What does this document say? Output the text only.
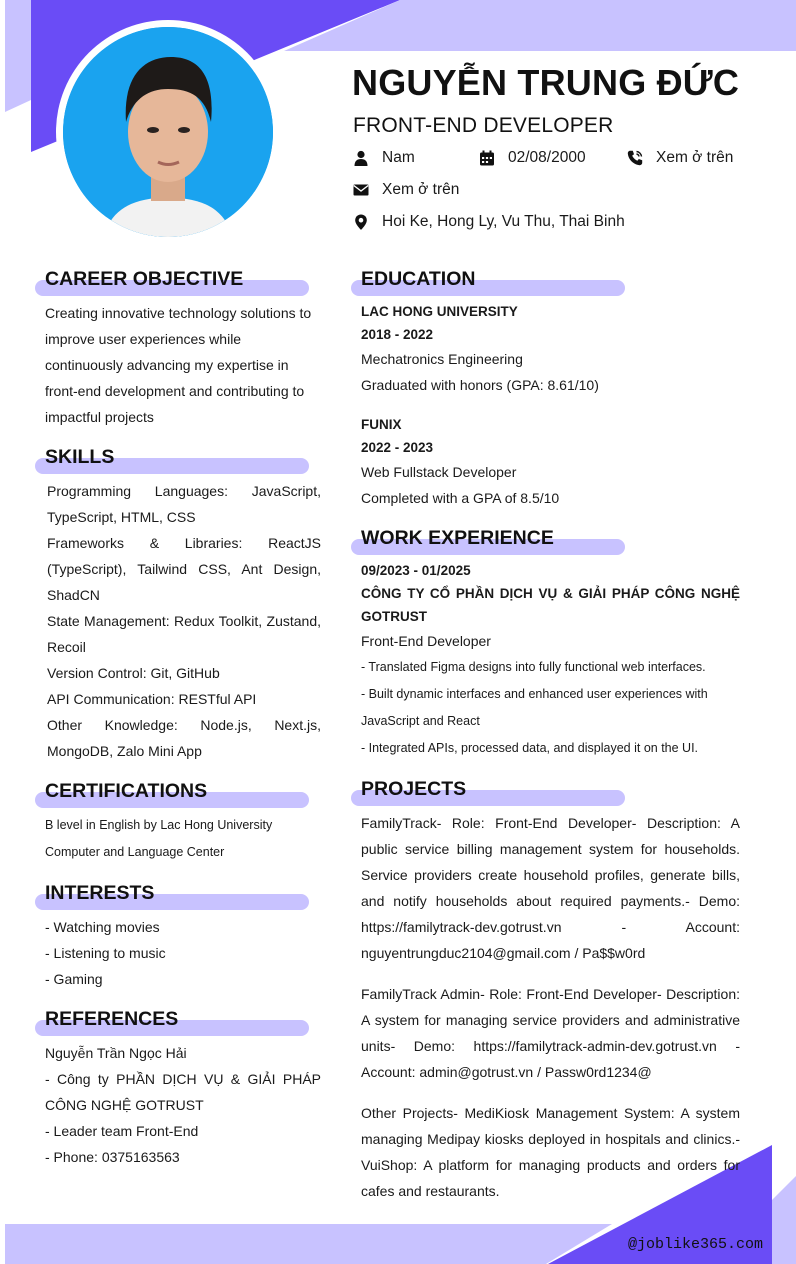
NGUYỄN TRUNG ĐỨC
FRONT-END DEVELOPER
Nam	02/08/2000	Xem ở trên
Xem ở trên
Hoi Ke, Hong Ly, Vu Thu, Thai Binh
CAREER OBJECTIVE
Creating innovative technology solutions to
improve user experiences while
continuously advancing my expertise in
front-end development and contributing to
impactful projects
SKILLS
Programming Languages: JavaScript, TypeScript, HTML, CSS
Frameworks & Libraries: ReactJS (TypeScript), Tailwind CSS, Ant Design, ShadCN
State Management: Redux Toolkit, Zustand, Recoil
Version Control: Git, GitHub
API Communication: RESTful API
Other Knowledge: Node.js, Next.js, MongoDB, Zalo Mini App
CERTIFICATIONS
B level in English by Lac Hong University
Computer and Language Center
INTERESTS
- Watching movies
- Listening to music
- Gaming
REFERENCES
Nguyễn Trần Ngọc Hải
- Công ty PHẦN DỊCH VỤ & GIẢI PHÁP CÔNG NGHỆ GOTRUST
- Leader team Front-End
- Phone: 0375163563
EDUCATION
LAC HONG UNIVERSITY
2018 - 2022
Mechatronics Engineering
Graduated with honors (GPA: 8.61/10)
FUNIX
2022 - 2023
Web Fullstack Developer
Completed with a GPA of 8.5/10
WORK EXPERIENCE
09/2023 - 01/2025
CÔNG TY CỔ PHẦN DỊCH VỤ & GIẢI PHÁP CÔNG NGHỆ GOTRUST
Front-End Developer
- Translated Figma designs into fully functional web interfaces.
- Built dynamic interfaces and enhanced user experiences with JavaScript and React
- Integrated APIs, processed data, and displayed it on the UI.
PROJECTS
FamilyTrack- Role: Front-End Developer- Description: A public service billing management system for households. Service providers create household profiles, generate bills, and notify households about required payments.- Demo: https://familytrack-dev.gotrust.vn - Account: nguyentrungduc2104@gmail.com / Pa$$w0rd
FamilyTrack Admin- Role: Front-End Developer- Description: A system for managing service providers and administrative units- Demo: https://familytrack-admin-dev.gotrust.vn - Account: admin@gotrust.vn / Passw0rd1234@
Other Projects- MediKiosk Management System: A system managing Medipay kiosks deployed in hospitals and clinics.- VuiShop: A platform for managing products and orders for cafes and restaurants.
@joblike365.com
